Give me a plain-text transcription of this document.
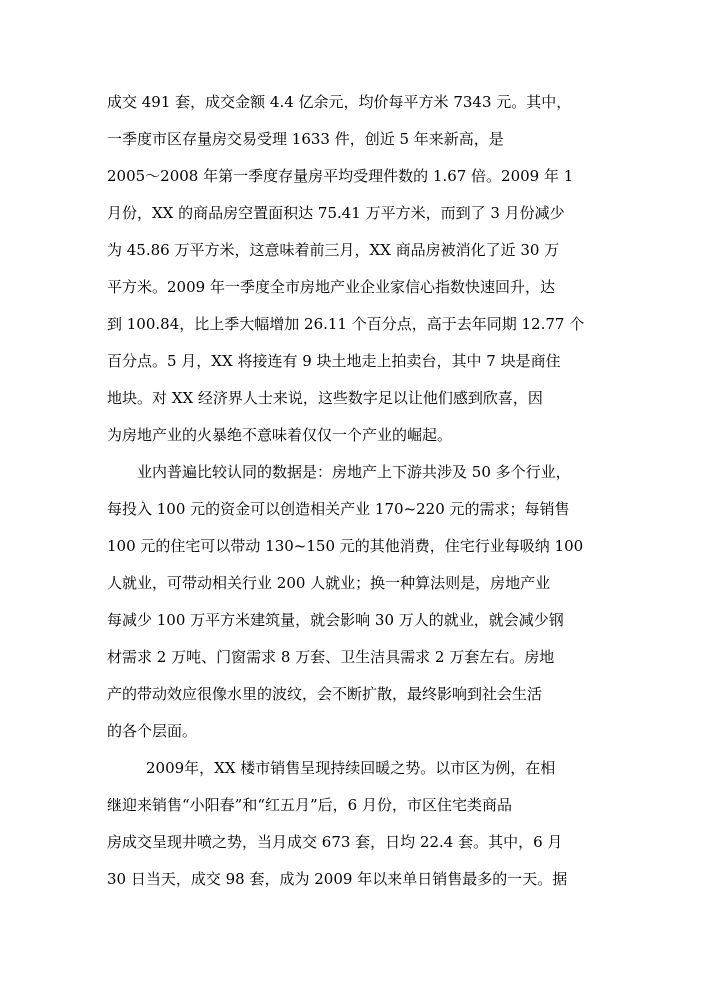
成交 491 套，成交金额 4.4 亿余元，均价每平方米 7343 元。其中，
一季度市区存量房交易受理 1633 件，创近 5 年来新高，是
2005～2008 年第一季度存量房平均受理件数的 1.67 倍。2009 年 1
月份，XX 的商品房空置面积达 75.41 万平方米，而到了 3 月份减少
为 45.86 万平方米，这意味着前三月，XX 商品房被消化了近 30 万
平方米。2009 年一季度全市房地产业企业家信心指数快速回升，达
到 100.84，比上季大幅增加 26.11 个百分点，高于去年同期 12.77 个
百分点。5 月，XX 将接连有 9 块土地走上拍卖台，其中 7 块是商住
地块。对 XX 经济界人士来说，这些数字足以让他们感到欣喜，因
为房地产业的火暴绝不意味着仅仅一个产业的崛起。
业内普遍比较认同的数据是：房地产上下游共涉及 50 多个行业，
每投入 100 元的资金可以创造相关产业 170~220 元的需求；每销售
100 元的住宅可以带动 130~150 元的其他消费，住宅行业每吸纳 100
人就业，可带动相关行业 200 人就业；换一种算法则是，房地产业
每减少 100 万平方米建筑量，就会影响 30 万人的就业，就会减少钢
材需求 2 万吨、门窗需求 8 万套、卫生洁具需求 2 万套左右。房地
产的带动效应很像水里的波纹，会不断扩散，最终影响到社会生活
的各个层面。
2009年，XX 楼市销售呈现持续回暖之势。以市区为例，在相
继迎来销售“小阳春”和“红五月”后，6 月份，市区住宅类商品
房成交呈现井喷之势，当月成交 673 套，日均 22.4 套。其中，6 月
30 日当天，成交 98 套，成为 2009 年以来单日销售最多的一天。据
